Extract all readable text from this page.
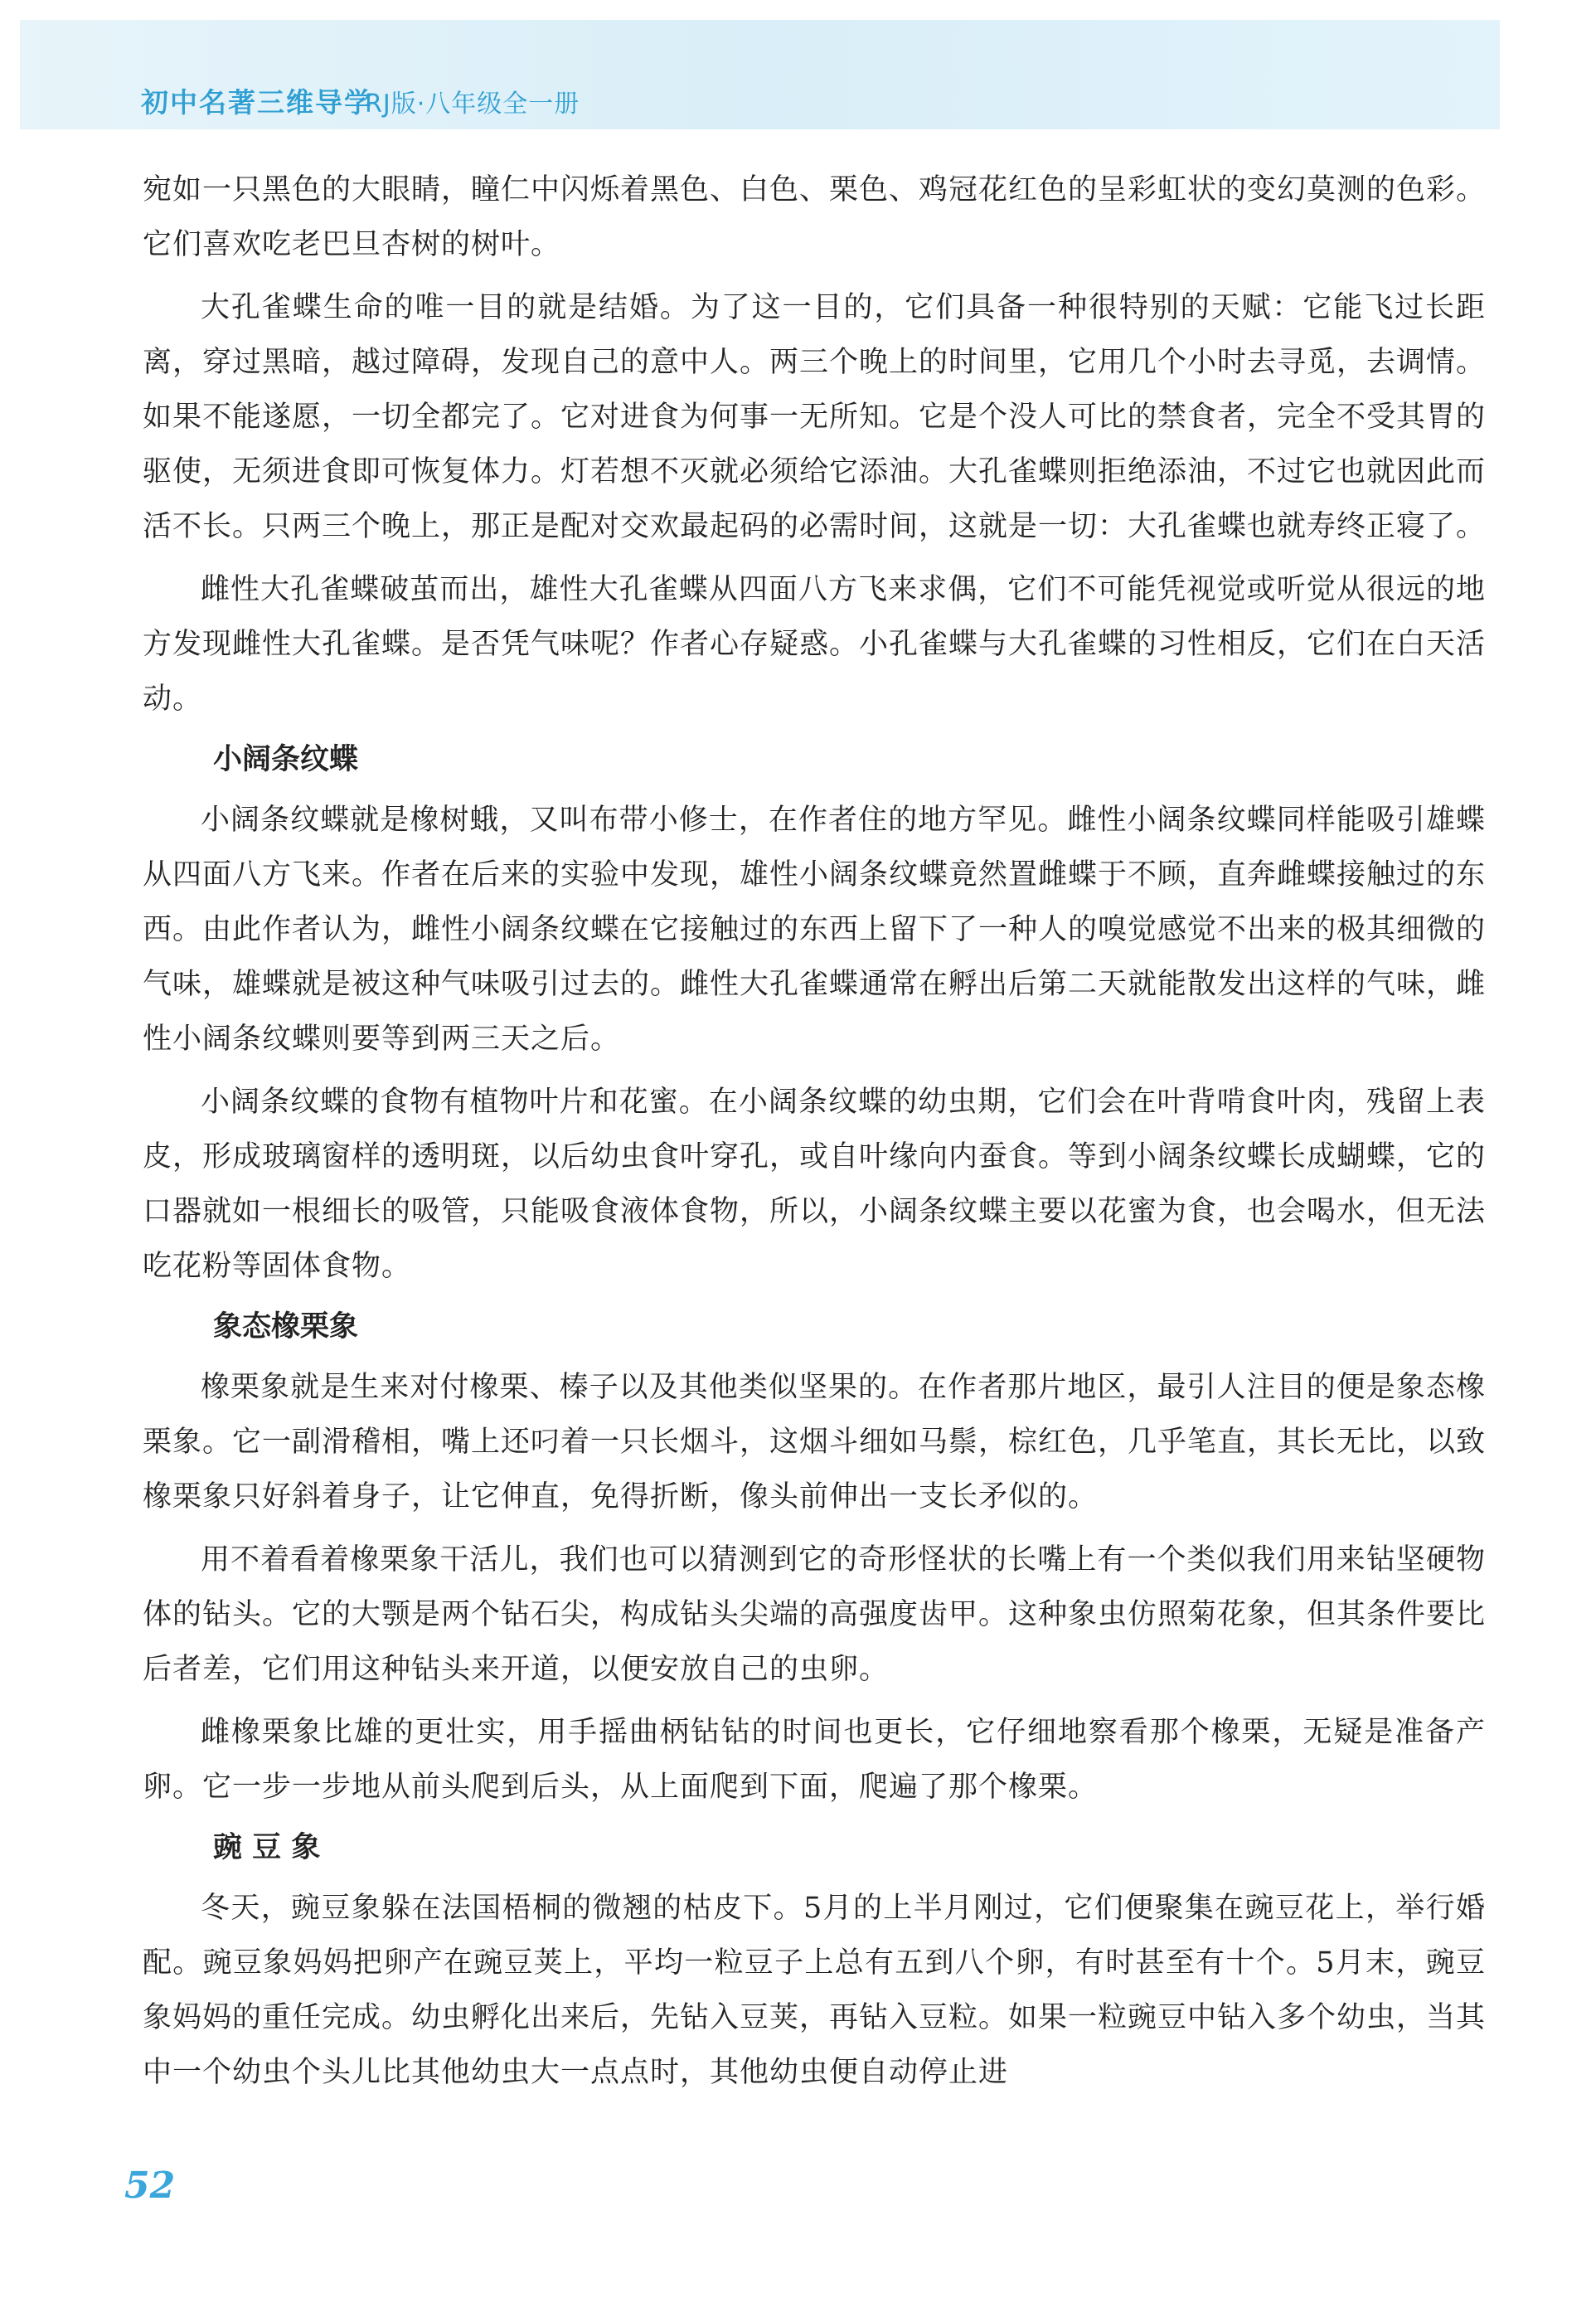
初中名著三维导学
RJ版·八年级全一册

宛如一只黑色的大眼睛，瞳仁中闪烁着黑色、白色、栗色、鸡冠花红色的呈彩虹状的变幻莫测的色彩。它们喜欢吃老巴旦杏树的树叶。

大孔雀蝶生命的唯一目的就是结婚。为了这一目的，它们具备一种很特别的天赋：它能飞过长距离，穿过黑暗，越过障碍，发现自己的意中人。两三个晚上的时间里，它用几个小时去寻觅，去调情。如果不能遂愿，一切全都完了。它对进食为何事一无所知。它是个没人可比的禁食者，完全不受其胃的驱使，无须进食即可恢复体力。灯若想不灭就必须给它添油。大孔雀蝶则拒绝添油，不过它也就因此而活不长。只两三个晚上，那正是配对交欢最起码的必需时间，这就是一切：大孔雀蝶也就寿终正寝了。

雌性大孔雀蝶破茧而出，雄性大孔雀蝶从四面八方飞来求偶，它们不可能凭视觉或听觉从很远的地方发现雌性大孔雀蝶。是否凭气味呢？作者心存疑惑。小孔雀蝶与大孔雀蝶的习性相反，它们在白天活动。

小阔条纹蝶

小阔条纹蝶就是橡树蛾，又叫布带小修士，在作者住的地方罕见。雌性小阔条纹蝶同样能吸引雄蝶从四面八方飞来。作者在后来的实验中发现，雄性小阔条纹蝶竟然置雌蝶于不顾，直奔雌蝶接触过的东西。由此作者认为，雌性小阔条纹蝶在它接触过的东西上留下了一种人的嗅觉感觉不出来的极其细微的气味，雄蝶就是被这种气味吸引过去的。雌性大孔雀蝶通常在孵出后第二天就能散发出这样的气味，雌性小阔条纹蝶则要等到两三天之后。

小阔条纹蝶的食物有植物叶片和花蜜。在小阔条纹蝶的幼虫期，它们会在叶背啃食叶肉，残留上表皮，形成玻璃窗样的透明斑，以后幼虫食叶穿孔，或自叶缘向内蚕食。等到小阔条纹蝶长成蝴蝶，它的口器就如一根细长的吸管，只能吸食液体食物，所以，小阔条纹蝶主要以花蜜为食，也会喝水，但无法吃花粉等固体食物。

象态橡栗象

橡栗象就是生来对付橡栗、榛子以及其他类似坚果的。在作者那片地区，最引人注目的便是象态橡栗象。它一副滑稽相，嘴上还叼着一只长烟斗，这烟斗细如马鬃，棕红色，几乎笔直，其长无比，以致橡栗象只好斜着身子，让它伸直，免得折断，像头前伸出一支长矛似的。

用不着看着橡栗象干活儿，我们也可以猜测到它的奇形怪状的长嘴上有一个类似我们用来钻坚硬物体的钻头。它的大颚是两个钻石尖，构成钻头尖端的高强度齿甲。这种象虫仿照菊花象，但其条件要比后者差，它们用这种钻头来开道，以便安放自己的虫卵。

雌橡栗象比雄的更壮实，用手摇曲柄钻钻的时间也更长，它仔细地察看那个橡栗，无疑是准备产卵。它一步一步地从前头爬到后头，从上面爬到下面，爬遍了那个橡栗。

豌 豆 象

冬天，豌豆象躲在法国梧桐的微翘的枯皮下。5月的上半月刚过，它们便聚集在豌豆花上，举行婚配。豌豆象妈妈把卵产在豌豆荚上，平均一粒豆子上总有五到八个卵，有时甚至有十个。5月末，豌豆象妈妈的重任完成。幼虫孵化出来后，先钻入豆荚，再钻入豆粒。如果一粒豌豆中钻入多个幼虫，当其中一个幼虫个头儿比其他幼虫大一点点时，其他幼虫便自动停止进

52
